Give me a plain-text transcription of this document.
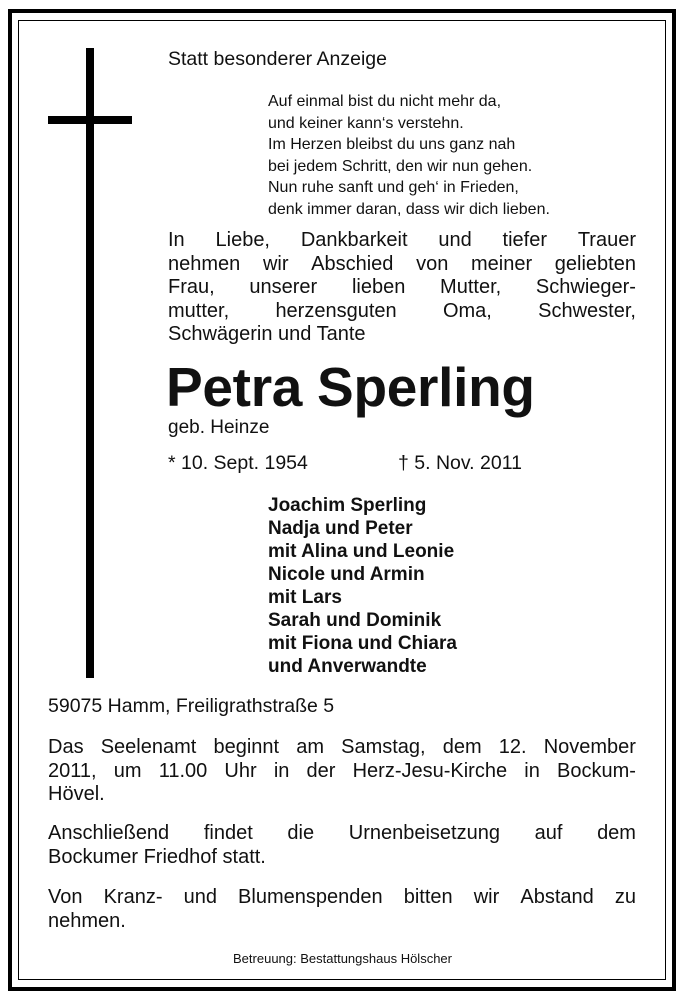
Statt besonderer Anzeige
Auf einmal bist du nicht mehr da,
und keiner kann‘s verstehn.
Im Herzen bleibst du uns ganz nah
bei jedem Schritt, den wir nun gehen.
Nun ruhe sanft und geh‘ in Frieden,
denk immer daran, dass wir dich lieben.
In Liebe, Dankbarkeit und tiefer Trauer
nehmen wir Abschied von meiner geliebten
Frau, unserer lieben Mutter, Schwieger-
mutter, herzensguten Oma, Schwester,
Schwägerin und Tante
Petra Sperling
geb. Heinze
* 10. Sept. 1954	† 5. Nov. 2011
Joachim Sperling
Nadja und Peter
mit Alina und Leonie
Nicole und Armin
mit Lars
Sarah und Dominik
mit Fiona und Chiara
und Anverwandte
59075 Hamm, Freiligrathstraße 5
Das Seelenamt beginnt am Samstag, dem 12. November
2011, um 11.00 Uhr in der Herz-Jesu-Kirche in Bockum-
Hövel.
Anschließend findet die Urnenbeisetzung auf dem
Bockumer Friedhof statt.
Von Kranz- und Blumenspenden bitten wir Abstand zu
nehmen.
Betreuung: Bestattungshaus Hölscher
